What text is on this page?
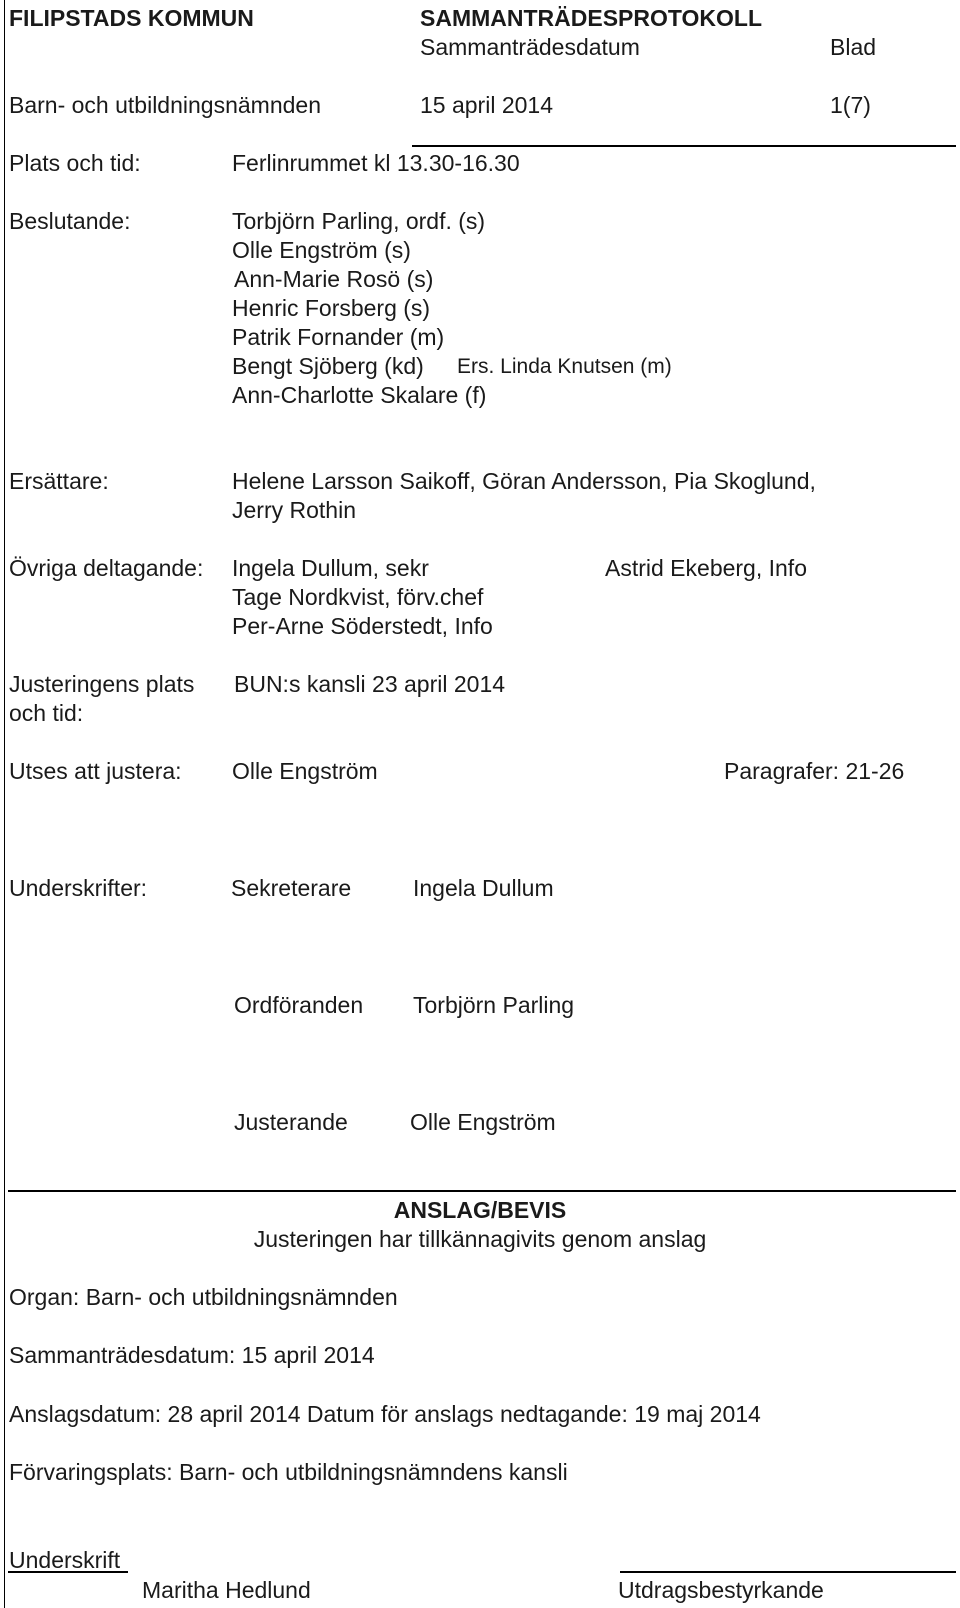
FILIPSTADS KOMMUN	SAMMANTRÄDESPROTOKOLL
Sammanträdesdatum	Blad
Barn- och utbildningsnämnden	15 april 2014	1(7)
Plats och tid:	Ferlinrummet kl 13.30-16.30
Beslutande:	Torbjörn Parling, ordf. (s)
Olle Engström (s)
Ann-Marie Rosö (s)
Henric Forsberg (s)
Patrik Fornander (m)
Bengt Sjöberg (kd) Ers. Linda Knutsen (m)
Ann-Charlotte Skalare (f)
Ersättare:	Helene Larsson Saikoff, Göran Andersson, Pia Skoglund,
Jerry Rothin
Övriga deltagande: Ingela Dullum, sekr	Astrid Ekeberg, Info
Tage Nordkvist, förv.chef
Per-Arne Söderstedt, Info
Justeringens plats
och tid:
BUN:s kansli 23 april 2014
Utses att justera: Olle Engström	Paragrafer: 21-26
Underskrifter:	Sekreterare	Ingela Dullum
Ordföranden Torbjörn Parling
Justerande	Olle Engström
ANSLAG/BEVIS
Justeringen har tillkännagivits genom anslag
Organ: Barn- och utbildningsnämnden
Sammanträdesdatum: 15 april 2014
Anslagsdatum: 28 april 2014 Datum för anslags nedtagande: 19 maj 2014
Förvaringsplats: Barn- och utbildningsnämndens kansli
Underskrift
Maritha Hedlund	Utdragsbestyrkande
